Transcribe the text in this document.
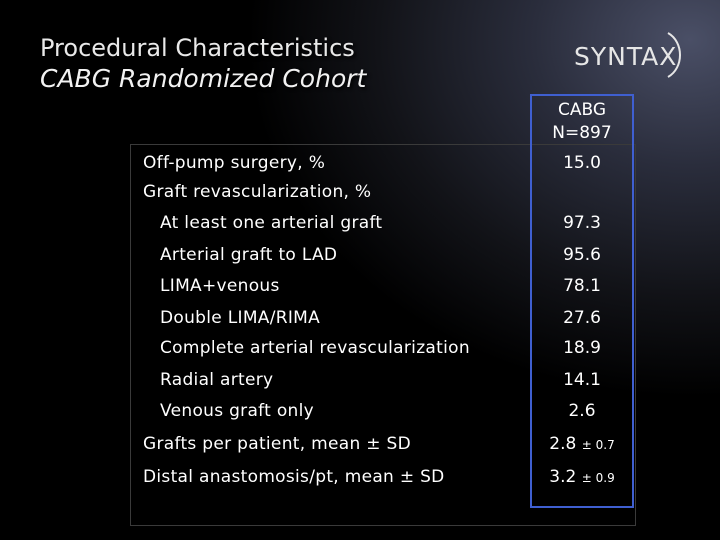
Procedural Characteristics
CABG Randomized Cohort
SYNTAX
CABG
N=897
Off-pump surgery, %	15.0
Graft revascularization, %
At least one arterial graft	97.3
Arterial graft to LAD	95.6
LIMA+venous	78.1
Double LIMA/RIMA	27.6
Complete arterial revascularization	18.9
Radial artery	14.1
Venous graft only	2.6
Grafts per patient, mean ± SD	2.8 ± 0.7
Distal anastomosis/pt, mean ± SD	3.2 ± 0.9
